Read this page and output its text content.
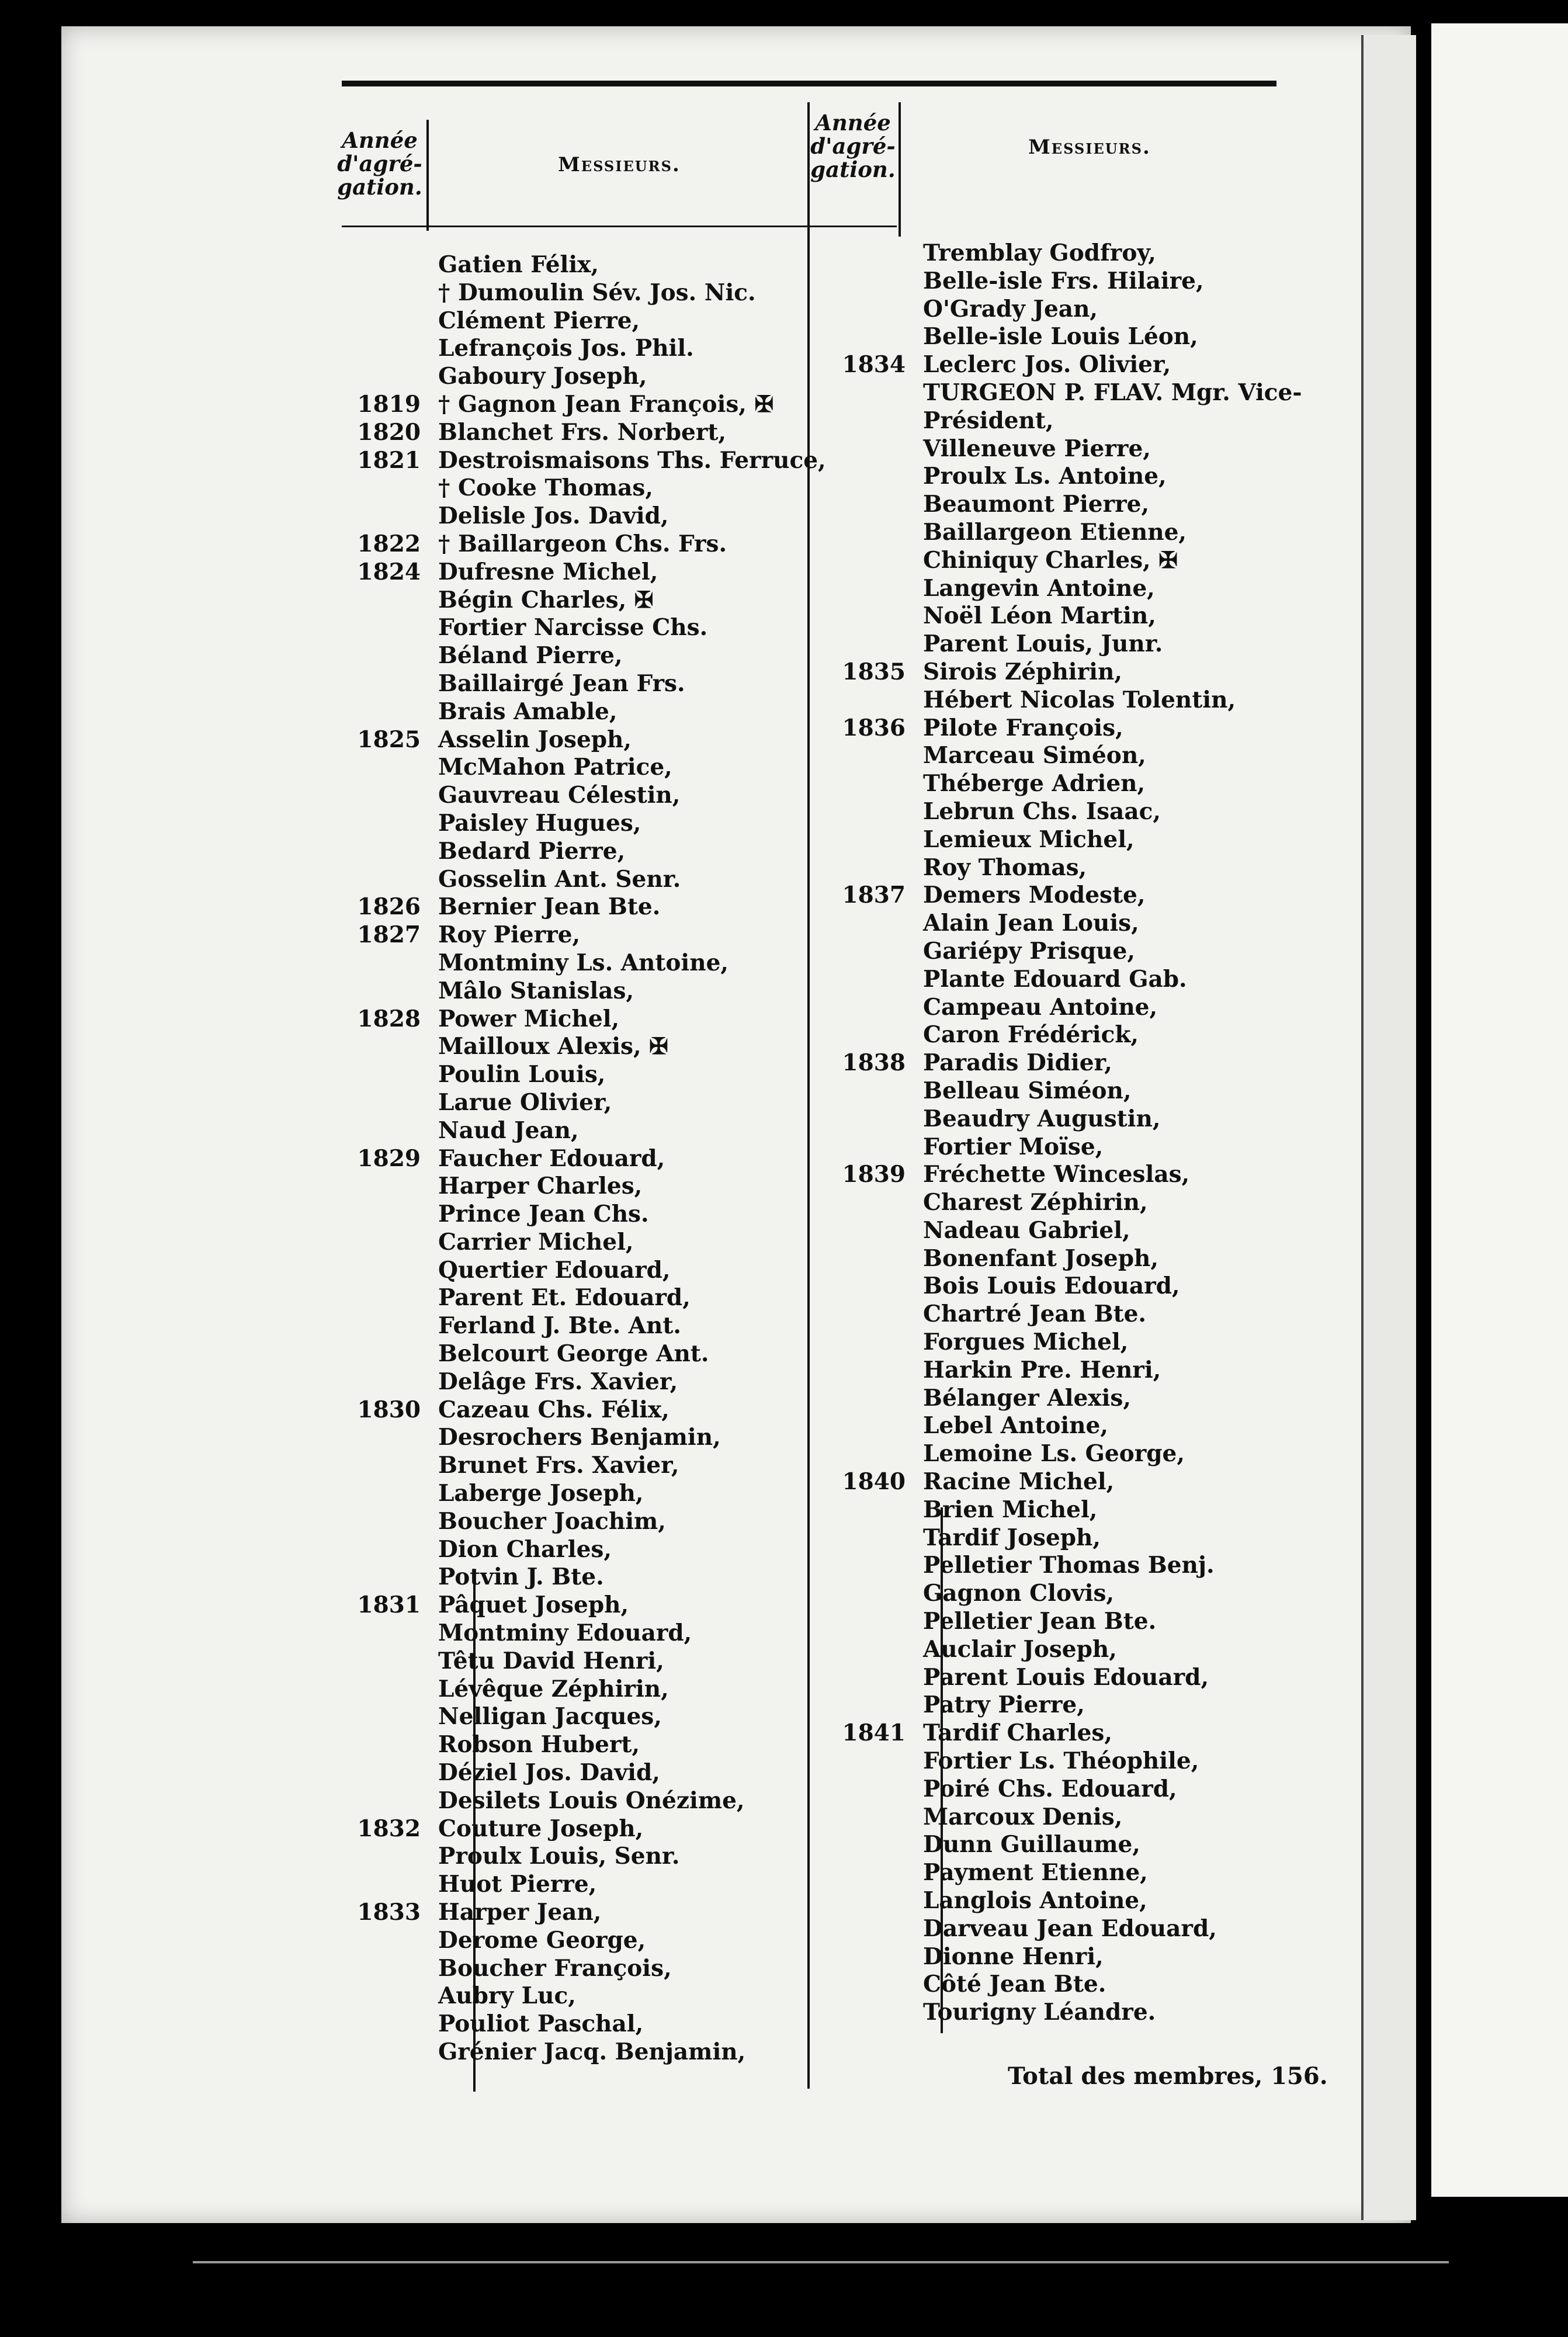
Année
d'agré-
gation.
Messieurs.
Année
d'agré-
gation.
Messieurs.
Gatien Félix,
† Dumoulin Sév. Jos. Nic.
Clément Pierre,
Lefrançois Jos. Phil.
Gaboury Joseph,
1819 † Gagnon Jean François, ✠
1820 Blanchet Frs. Norbert,
1821 Destroismaisons Ths. Ferruce,
† Cooke Thomas,
Delisle Jos. David,
1822 † Baillargeon Chs. Frs.
1824 Dufresne Michel,
Bégin Charles, ✠
Fortier Narcisse Chs.
Béland Pierre,
Baillairgé Jean Frs.
Brais Amable,
1825 Asselin Joseph,
McMahon Patrice,
Gauvreau Célestin,
Paisley Hugues,
Bedard Pierre,
Gosselin Ant. Senr.
1826 Bernier Jean Bte.
1827 Roy Pierre,
Montminy Ls. Antoine,
Mâlo Stanislas,
1828 Power Michel,
Mailloux Alexis, ✠
Poulin Louis,
Larue Olivier,
Naud Jean,
1829 Faucher Edouard,
Harper Charles,
Prince Jean Chs.
Carrier Michel,
Quertier Edouard,
Parent Et. Edouard,
Ferland J. Bte. Ant.
Belcourt George Ant.
Delâge Frs. Xavier,
1830 Cazeau Chs. Félix,
Desrochers Benjamin,
Brunet Frs. Xavier,
Laberge Joseph,
Boucher Joachim,
Dion Charles,
Potvin J. Bte.
1831 Pâquet Joseph,
Montminy Edouard,
Têtu David Henri,
Lévêque Zéphirin,
Nelligan Jacques,
Robson Hubert,
Déziel Jos. David,
Desilets Louis Onézime,
1832 Couture Joseph,
Proulx Louis, Senr.
Huot Pierre,
1833 Harper Jean,
Derome George,
Boucher François,
Aubry Luc,
Pouliot Paschal,
Grénier Jacq. Benjamin,
Tremblay Godfroy,
Belle-isle Frs. Hilaire,
O'Grady Jean,
Belle-isle Louis Léon,
1834 Leclerc Jos. Olivier,
TURGEON P. FLAV. Mgr. Vice-
Président,
Villeneuve Pierre,
Proulx Ls. Antoine,
Beaumont Pierre,
Baillargeon Etienne,
Chiniquy Charles, ✠
Langevin Antoine,
Noël Léon Martin,
Parent Louis, Junr.
1835 Sirois Zéphirin,
Hébert Nicolas Tolentin,
1836 Pilote François,
Marceau Siméon,
Théberge Adrien,
Lebrun Chs. Isaac,
Lemieux Michel,
Roy Thomas,
1837 Demers Modeste,
Alain Jean Louis,
Gariépy Prisque,
Plante Edouard Gab.
Campeau Antoine,
Caron Frédérick,
1838 Paradis Didier,
Belleau Siméon,
Beaudry Augustin,
Fortier Moïse,
1839 Fréchette Winceslas,
Charest Zéphirin,
Nadeau Gabriel,
Bonenfant Joseph,
Bois Louis Edouard,
Chartré Jean Bte.
Forgues Michel,
Harkin Pre. Henri,
Bélanger Alexis,
Lebel Antoine,
Lemoine Ls. George,
1840 Racine Michel,
Brien Michel,
Tardif Joseph,
Pelletier Thomas Benj.
Gagnon Clovis,
Pelletier Jean Bte.
Auclair Joseph,
Parent Louis Edouard,
Patry Pierre,
1841 Tardif Charles,
Fortier Ls. Théophile,
Poiré Chs. Edouard,
Marcoux Denis,
Dunn Guillaume,
Payment Etienne,
Langlois Antoine,
Darveau Jean Edouard,
Dionne Henri,
Côté Jean Bte.
Tourigny Léandre.
Total des membres, 156.
